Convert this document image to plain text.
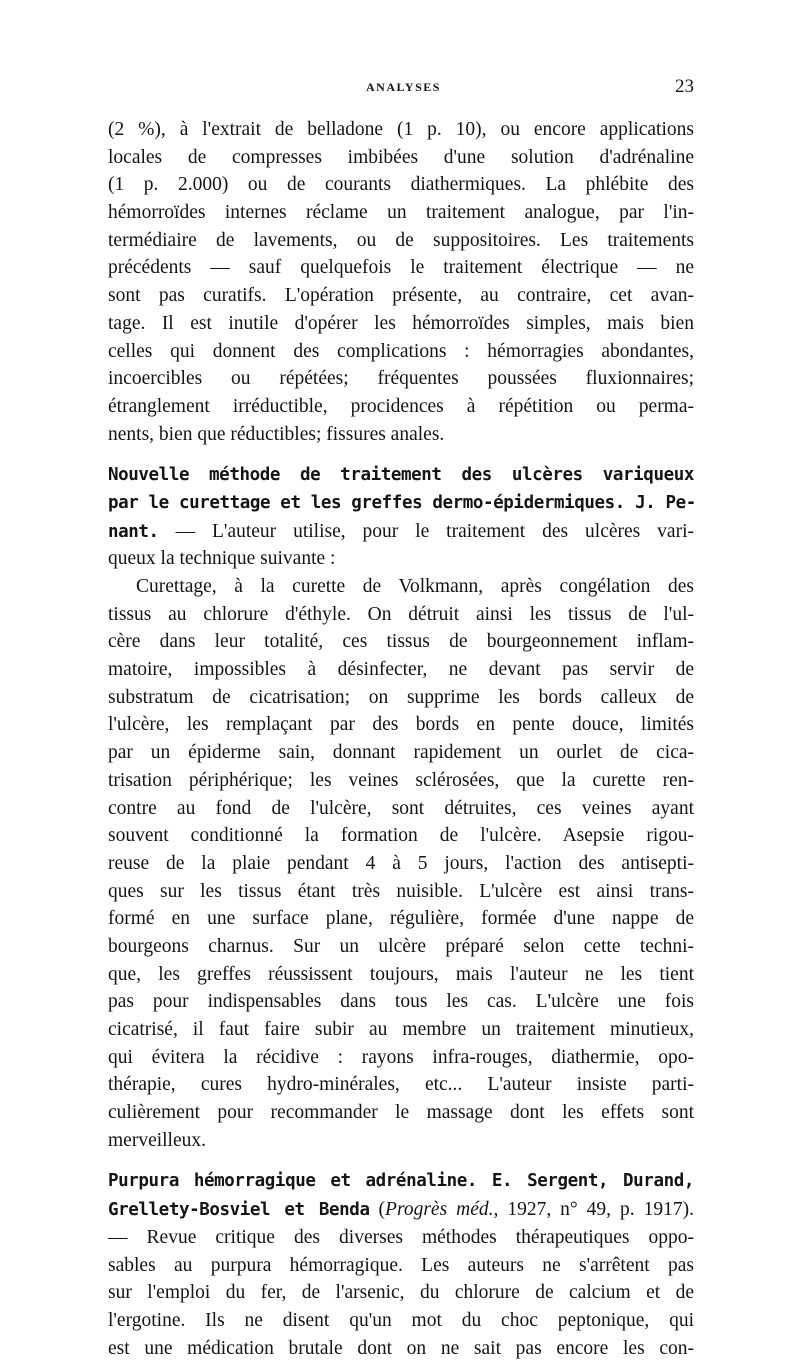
ANALYSES	23
(2 %), à l'extrait de belladone (1 p. 10), ou encore applications
locales de compresses imbibées d'une solution d'adrénaline
(1 p. 2.000) ou de courants diathermiques. La phlébite des
hémorroïdes internes réclame un traitement analogue, par l'in-
termédiaire de lavements, ou de suppositoires. Les traitements
précédents — sauf quelquefois le traitement électrique — ne
sont pas curatifs. L'opération présente, au contraire, cet avan-
tage. Il est inutile d'opérer les hémorroïdes simples, mais bien
celles qui donnent des complications : hémorragies abondantes,
incoercibles ou répétées; fréquentes poussées fluxionnaires;
étranglement irréductible, procidences à répétition ou perma-
nents, bien que réductibles; fissures anales.
Nouvelle méthode de traitement des ulcères variqueux
par le curettage et les greffes dermo-épidermiques. J. Pe-
nant. — L'auteur utilise, pour le traitement des ulcères vari-
queux la technique suivante :
Curettage, à la curette de Volkmann, après congélation des
tissus au chlorure d'éthyle. On détruit ainsi les tissus de l'ul-
cère dans leur totalité, ces tissus de bourgeonnement inflam-
matoire, impossibles à désinfecter, ne devant pas servir de
substratum de cicatrisation; on supprime les bords calleux de
l'ulcère, les remplaçant par des bords en pente douce, limités
par un épiderme sain, donnant rapidement un ourlet de cica-
trisation périphérique; les veines sclérosées, que la curette ren-
contre au fond de l'ulcère, sont détruites, ces veines ayant
souvent conditionné la formation de l'ulcère. Asepsie rigou-
reuse de la plaie pendant 4 à 5 jours, l'action des antisepti-
ques sur les tissus étant très nuisible. L'ulcère est ainsi trans-
formé en une surface plane, régulière, formée d'une nappe de
bourgeons charnus. Sur un ulcère préparé selon cette techni-
que, les greffes réussissent toujours, mais l'auteur ne les tient
pas pour indispensables dans tous les cas. L'ulcère une fois
cicatrisé, il faut faire subir au membre un traitement minutieux,
qui évitera la récidive : rayons infra-rouges, diathermie, opo-
thérapie, cures hydro-minérales, etc... L'auteur insiste parti-
culièrement pour recommander le massage dont les effets sont
merveilleux.
Purpura hémorragique et adrénaline. E. Sergent, Durand,
Grellety-Bosviel et Benda (Progrès méd., 1927, n° 49, p. 1917).
— Revue critique des diverses méthodes thérapeutiques oppo-
sables au purpura hémorragique. Les auteurs ne s'arrêtent pas
sur l'emploi du fer, de l'arsenic, du chlorure de calcium et de
l'ergotine. Ils ne disent qu'un mot du choc peptonique, qui
est une médication brutale dont on ne sait pas encore les con-
